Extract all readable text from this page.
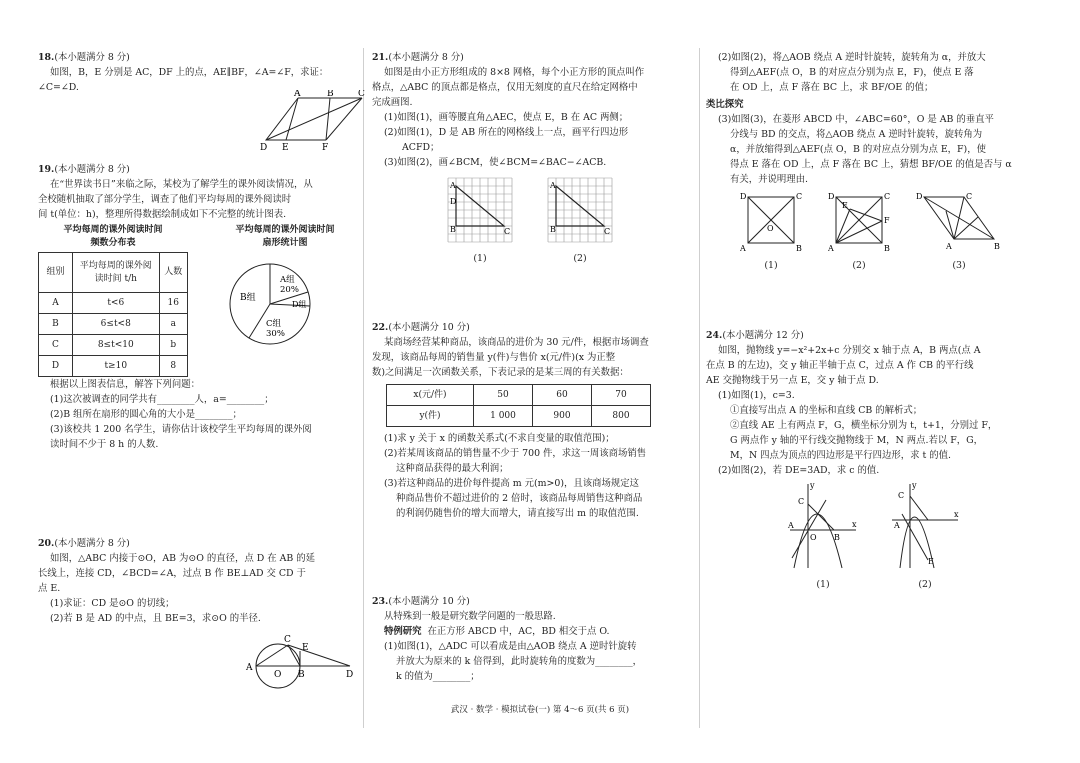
18.(本小题满分 8 分)

如图，B，E 分别是 AC，DF 上的点，AE∥BF，∠A=∠F，求证：

∠C=∠D.

A	B	C
D E	F

19.(本小题满分 8 分)

在“世界读书日”来临之际，某校为了解学生的课外阅读情况，从

全校随机抽取了部分学生，调查了他们平均每周的课外阅读时

间 t(单位：h)，整理所得数据绘制成如下不完整的统计图表.

平均每周的课外阅读时间
频数分布表
组别	平均每周的课外阅读时间 t/h	人数
A	t<6	16
B	6≤t<8	a
C	8≤t<10	b
D	t≥10	8
平均每周的课外阅读时间
扇形统计图
B组
A组
20%
D组
C组
30%

根据以上图表信息，解答下列问题：

(1)这次被调查的同学共有________人，a=________；

(2)B 组所在扇形的圆心角的大小是________；

(3)该校共 1 200 名学生，请你估计该校学生平均每周的课外阅

读时间不少于 8 h 的人数.

20.(本小题满分 8 分)

如图，△ABC 内接于⊙O，AB 为⊙O 的直径，点 D 在 AB 的延

长线上，连接 CD，∠BCD=∠A，过点 B 作 BE⊥AD 交 CD 于

点 E.

(1)求证：CD 是⊙O 的切线；

(2)若 B 是 AD 的中点，且 BE=3，求⊙O 的半径.

A
O B	D
C
E

21.(本小题满分 8 分)

如图是由小正方形组成的 8×8 网格，每个小正方形的顶点叫作

格点，△ABC 的顶点都是格点，仅用无刻度的直尺在给定网格中

完成画图.

(1)如图(1)，画等腰直角△AEC，使点 E，B 在 AC 两侧；

(2)如图(1)，D 是 AB 所在的网格线上一点，画平行四边形

ACFD；

(3)如图(2)，画∠BCM，使∠BCM=∠BAC−∠ACB.

A
D
B	C
(1)
A
B	C
(2)

22.(本小题满分 10 分)

某商场经营某种商品，该商品的进价为 30 元/件，根据市场调查

发现，该商品每周的销售量 y(件)与售价 x(元/件)(x 为正整

数)之间满足一次函数关系，下表记录的是某三周的有关数据：

x(元/件)	50	60	70
y(件)	1 000	900	800

(1)求 y 关于 x 的函数关系式(不求自变量的取值范围)；

(2)若某周该商品的销售量不少于 700 件，求这一周该商场销售

这种商品获得的最大利润；

(3)若这种商品的进价每件提高 m 元(m>0)，且该商场规定这

种商品售价不超过进价的 2 倍时，该商品每周销售这种商品

的利润仍随售价的增大而增大，请直接写出 m 的取值范围.

23.(本小题满分 10 分)

从特殊到一般是研究数学问题的一般思路.

特例研究 在正方形 ABCD 中，AC，BD 相交于点 O.

(1)如图(1)，△ADC 可以看成是由△AOB 绕点 A 逆时针旋转

并放大为原来的 k 倍得到，此时旋转角的度数为________，

k 的值为________；

(2)如图(2)，将△AOB 绕点 A 逆时针旋转，旋转角为 α，并放大

得到△AEF(点 O，B 的对应点分别为点 E，F)，使点 E 落

在 OD 上，点 F 落在 BC 上，求 BF/OE 的值；

类比探究

(3)如图(3)，在菱形 ABCD 中，∠ABC=60°，O 是 AB 的垂直平

分线与 BD 的交点，将△AOB 绕点 A 逆时针旋转，旋转角为

α，并放缩得到△AEF(点 O，B 的对应点分别为点 E，F)，使

得点 E 落在 OD 上，点 F 落在 BC 上，猜想 BF/OE 的值是否与 α

有关，并说明理由.

D	C
A	B
O
(1)
D	C
A	B
E
F
(2)
D	C
A	B
(3)

24.(本小题满分 12 分)

如图，抛物线 y=−x²+2x+c 分别交 x 轴于点 A，B 两点(点 A

在点 B 的左边)，交 y 轴正半轴于点 C，过点 A 作 CB 的平行线

AE 交抛物线于另一点 E，交 y 轴于点 D.

(1)如图(1)，c=3.

①直接写出点 A 的坐标和直线 CB 的解析式；

②直线 AE 上有两点 F，G，横坐标分别为 t，t+1，分别过 F，

G 两点作 y 轴的平行线交抛物线于 M，N 两点.若以 F，G，

M，N 四点为顶点的四边形是平行四边形，求 t 的值.

(2)如图(2)，若 DE=3AD，求 c 的值.

y
x
C
A
O B
(1)
y
x
C
A
E
(2)
武汉 · 数学 · 模拟试卷(一) 第 4～6 页(共 6 页)
